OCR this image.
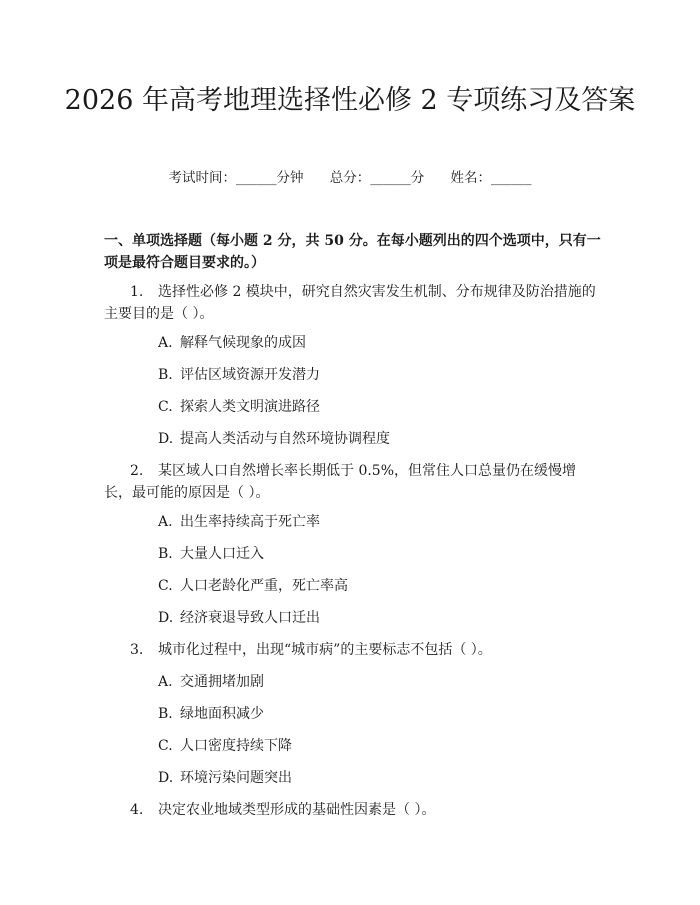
2026 年高考地理选择性必修 2 专项练习及答案
考试时间：______分钟 总分：______分 姓名：______
一、单项选择题（每小题 2 分，共 50 分。在每小题列出的四个选项中，只有一项是最符合题目要求的。）
1. 选择性必修 2 模块中，研究自然灾害发生机制、分布规律及防治措施的主要目的是（ ）。
A. 解释气候现象的成因
B. 评估区域资源开发潜力
C. 探索人类文明演进路径
D. 提高人类活动与自然环境协调程度
2. 某区域人口自然增长率长期低于 0.5%，但常住人口总量仍在缓慢增长，最可能的原因是（ ）。
A. 出生率持续高于死亡率
B. 大量人口迁入
C. 人口老龄化严重，死亡率高
D. 经济衰退导致人口迁出
3. 城市化过程中，出现“城市病”的主要标志不包括（ ）。
A. 交通拥堵加剧
B. 绿地面积减少
C. 人口密度持续下降
D. 环境污染问题突出
4. 决定农业地域类型形成的基础性因素是（ ）。
